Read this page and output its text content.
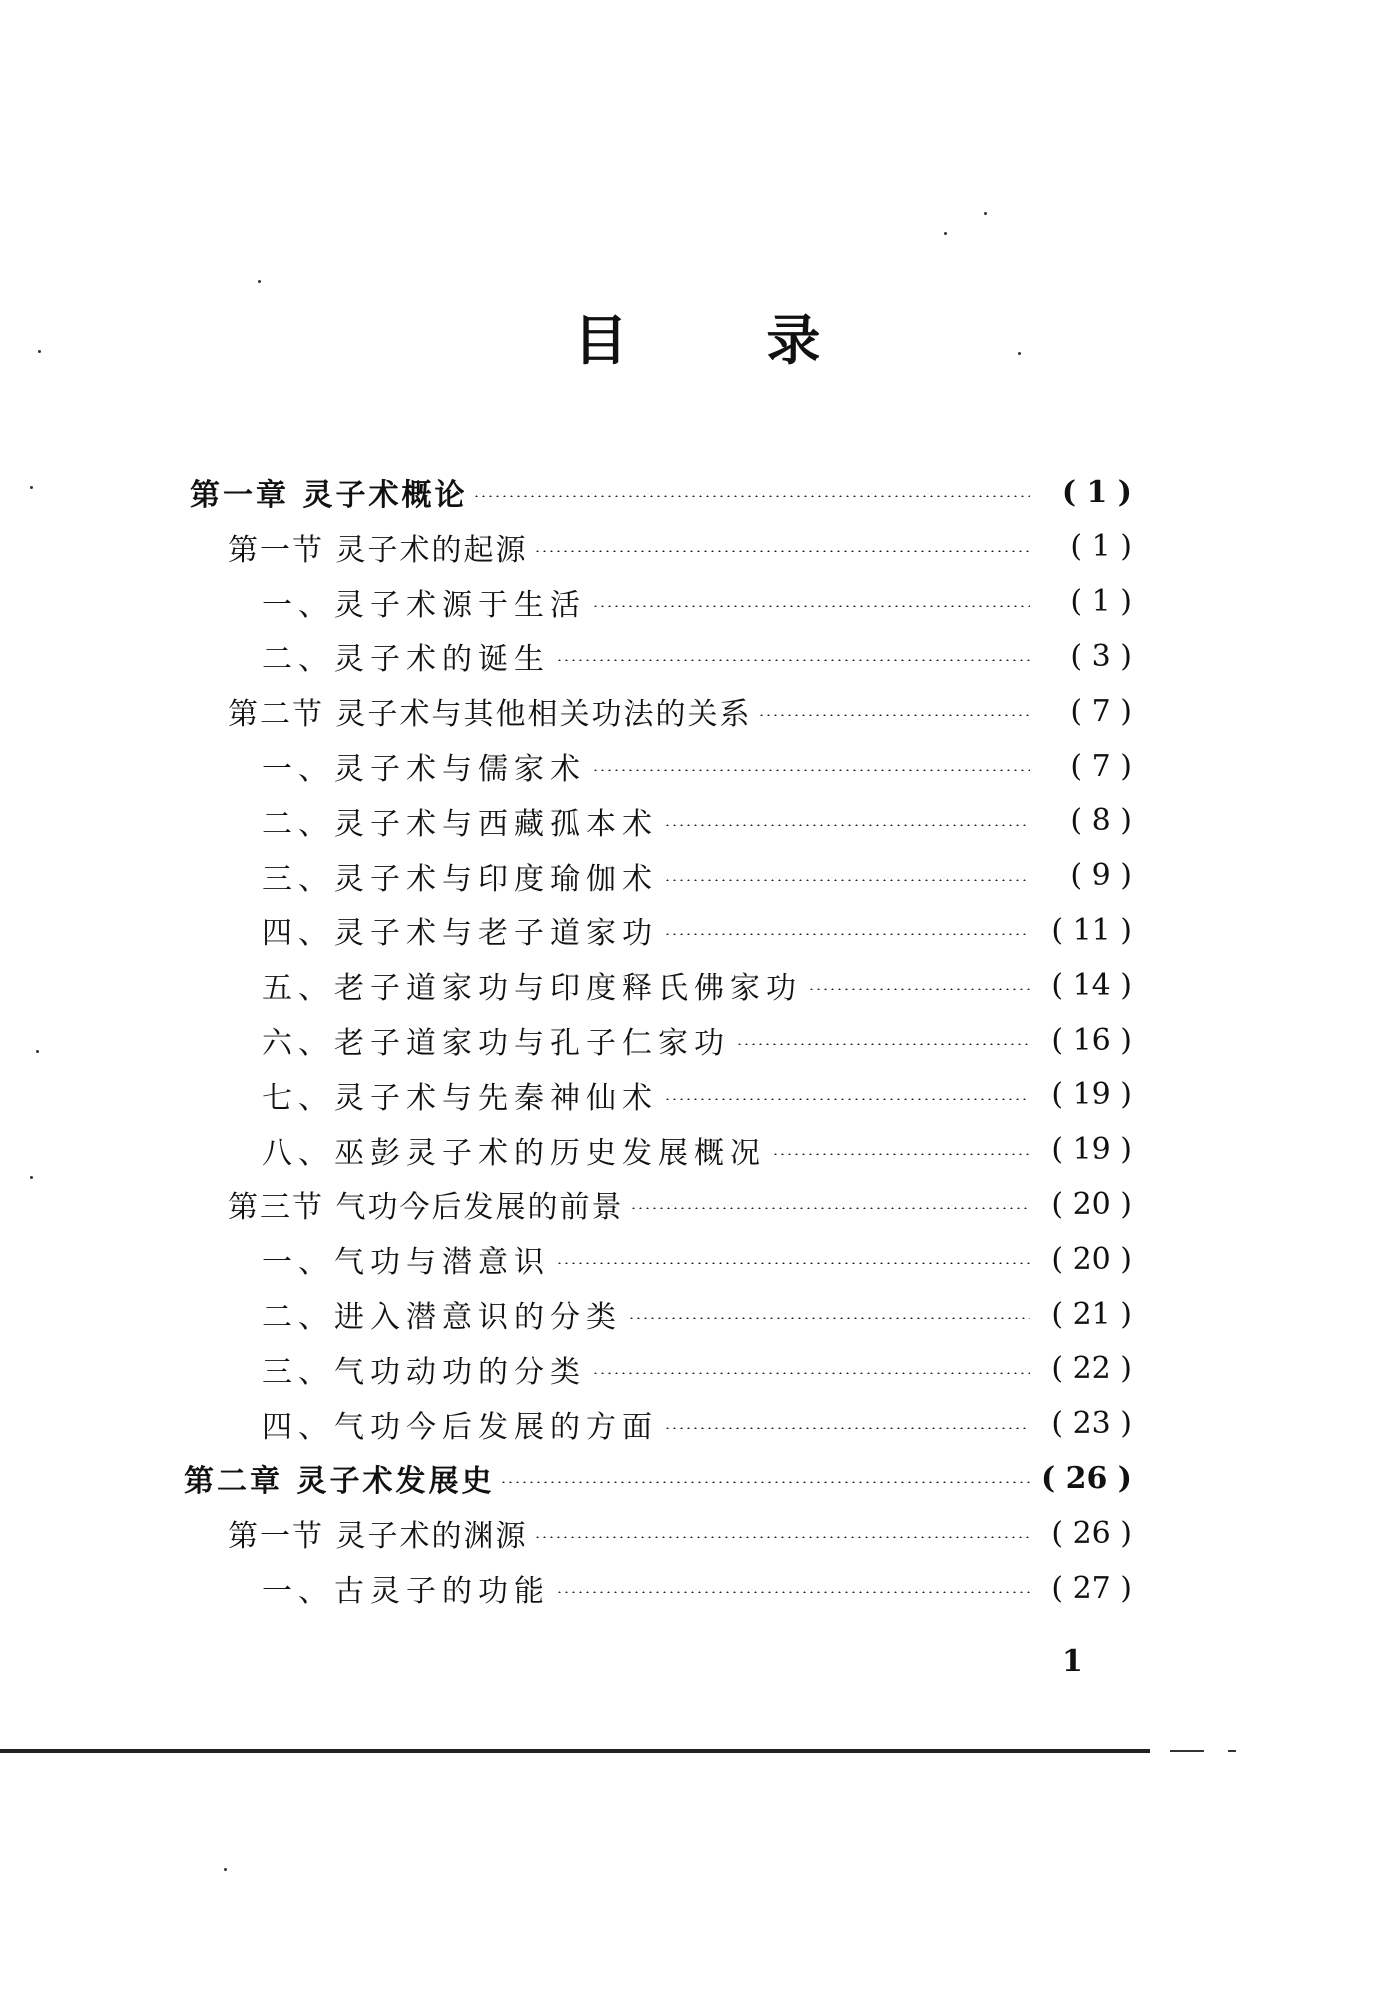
目 录
第一章 灵子术概论	( 1 )
第一节 灵子术的起源	( 1 )
一、灵子术源于生活	( 1 )
二、灵子术的诞生	( 3 )
第二节 灵子术与其他相关功法的关系	( 7 )
一、灵子术与儒家术	( 7 )
二、灵子术与西藏孤本术	( 8 )
三、灵子术与印度瑜伽术	( 9 )
四、灵子术与老子道家功	( 11 )
五、老子道家功与印度释氏佛家功	( 14 )
六、老子道家功与孔子仁家功	( 16 )
七、灵子术与先秦神仙术	( 19 )
八、巫彭灵子术的历史发展概况	( 19 )
第三节 气功今后发展的前景	( 20 )
一、气功与潜意识	( 20 )
二、进入潜意识的分类	( 21 )
三、气功动功的分类	( 22 )
四、气功今后发展的方面	( 23 )
第二章 灵子术发展史	( 26 )
第一节 灵子术的渊源	( 26 )
一、古灵子的功能	( 27 )
1
